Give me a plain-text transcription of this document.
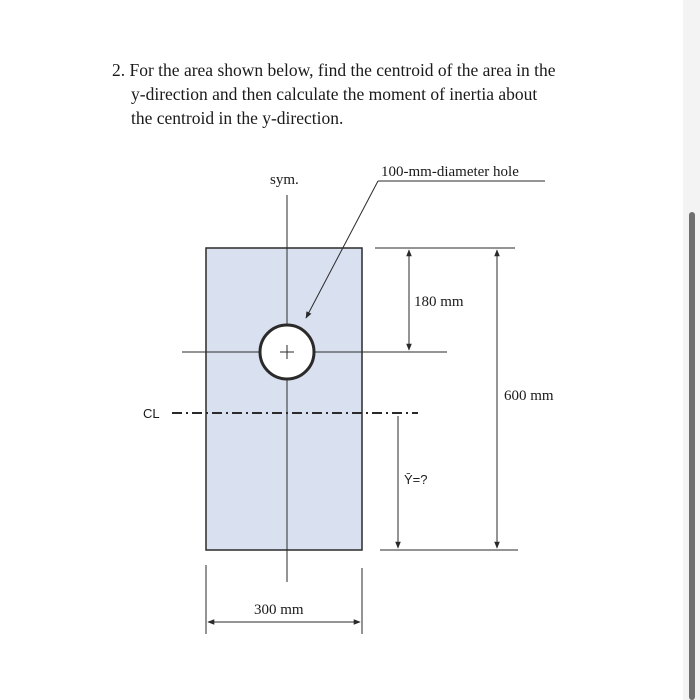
2. For the area shown below, find the centroid of the area in the
y-direction and then calculate the moment of inertia about
the centroid in the y-direction.
180 mm
600 mm
CL
Ȳ=?
300 mm
sym.	100-mm-diameter hole
